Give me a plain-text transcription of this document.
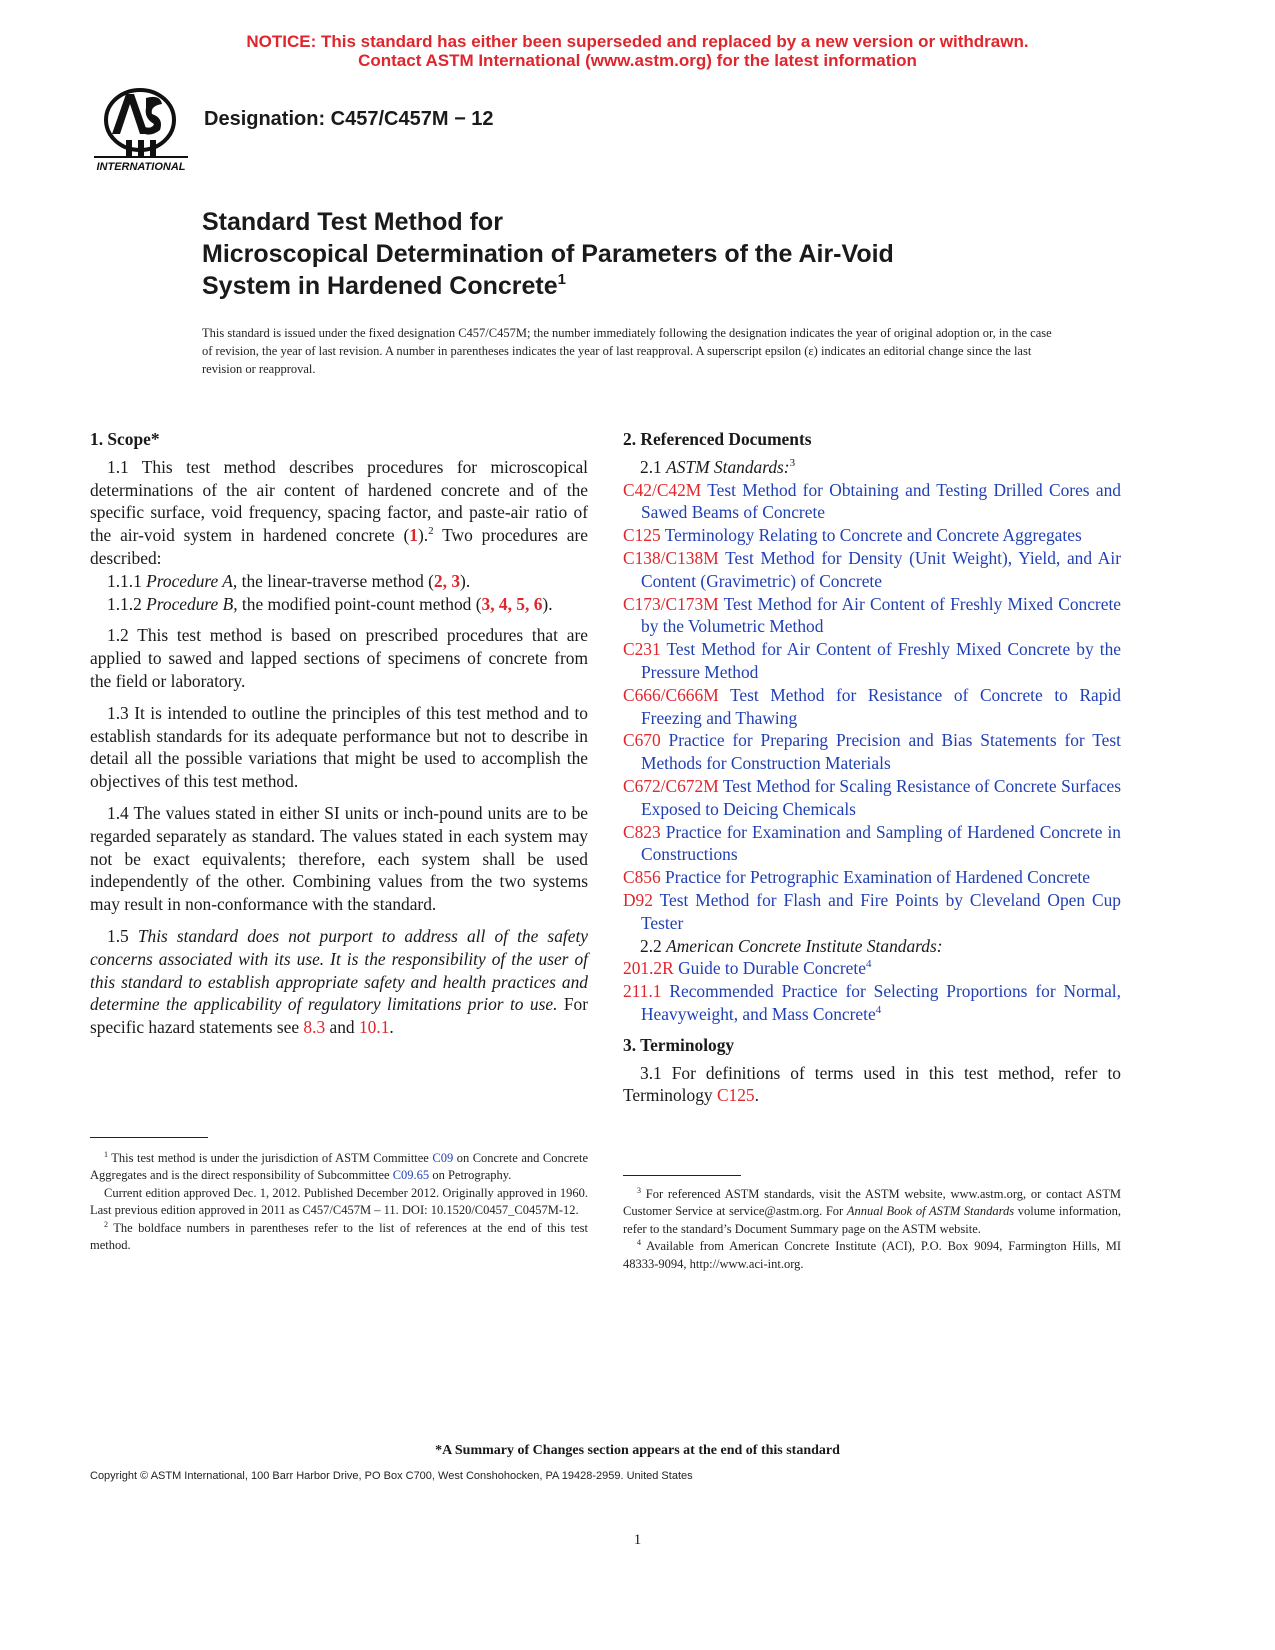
NOTICE: This standard has either been superseded and replaced by a new version or withdrawn.
Contact ASTM International (www.astm.org) for the latest information
INTERNATIONAL
Designation: C457/C457M − 12
Standard Test Method for
Microscopical Determination of Parameters of the Air-Void
System in Hardened Concrete$^1$
This standard is issued under the fixed designation C457/C457M; the number immediately following the designation indicates the year of original adoption or, in the case of revision, the year of last revision. A number in parentheses indicates the year of last reapproval. A superscript epsilon (ε) indicates an editorial change since the last revision or reapproval.
1. Scope*

1.1 This test method describes procedures for microscopical determinations of the air content of hardened concrete and of the specific surface, void frequency, spacing factor, and paste-air ratio of the air-void system in hardened concrete (1).$^2$ Two procedures are described:

1.1.1 Procedure A, the linear-traverse method (2, 3).

1.1.2 Procedure B, the modified point-count method (3, 4, 5, 6).

1.2 This test method is based on prescribed procedures that are applied to sawed and lapped sections of specimens of concrete from the field or laboratory.

1.3 It is intended to outline the principles of this test method and to establish standards for its adequate performance but not to describe in detail all the possible variations that might be used to accomplish the objectives of this test method.

1.4 The values stated in either SI units or inch-pound units are to be regarded separately as standard. The values stated in each system may not be exact equivalents; therefore, each system shall be used independently of the other. Combining values from the two systems may result in non-conformance with the standard.

1.5 This standard does not purport to address all of the safety concerns associated with its use. It is the responsibility of the user of this standard to establish appropriate safety and health practices and determine the applicability of regulatory limitations prior to use. For specific hazard statements see 8.3 and 10.1.

2. Referenced Documents

2.1 ASTM Standards:$^3$

C42/C42M Test Method for Obtaining and Testing Drilled Cores and Sawed Beams of Concrete

C125 Terminology Relating to Concrete and Concrete Aggregates

C138/C138M Test Method for Density (Unit Weight), Yield, and Air Content (Gravimetric) of Concrete

C173/C173M Test Method for Air Content of Freshly Mixed Concrete by the Volumetric Method

C231 Test Method for Air Content of Freshly Mixed Concrete by the Pressure Method

C666/C666M Test Method for Resistance of Concrete to Rapid Freezing and Thawing

C670 Practice for Preparing Precision and Bias Statements for Test Methods for Construction Materials

C672/C672M Test Method for Scaling Resistance of Concrete Surfaces Exposed to Deicing Chemicals

C823 Practice for Examination and Sampling of Hardened Concrete in Constructions

C856 Practice for Petrographic Examination of Hardened Concrete

D92 Test Method for Flash and Fire Points by Cleveland Open Cup Tester

2.2 American Concrete Institute Standards:

201.2R Guide to Durable Concrete$^4$

211.1 Recommended Practice for Selecting Proportions for Normal, Heavyweight, and Mass Concrete$^4$

3. Terminology

3.1 For definitions of terms used in this test method, refer to Terminology C125.

$^1$ This test method is under the jurisdiction of ASTM Committee C09 on Concrete and Concrete Aggregates and is the direct responsibility of Subcommittee C09.65 on Petrography.

Current edition approved Dec. 1, 2012. Published December 2012. Originally approved in 1960. Last previous edition approved in 2011 as C457/C457M – 11. DOI: 10.1520/C0457_C0457M-12.

$^2$ The boldface numbers in parentheses refer to the list of references at the end of this test method.

$^3$ For referenced ASTM standards, visit the ASTM website, www.astm.org, or contact ASTM Customer Service at service@astm.org. For Annual Book of ASTM Standards volume information, refer to the standard’s Document Summary page on the ASTM website.

$^4$ Available from American Concrete Institute (ACI), P.O. Box 9094, Farmington Hills, MI 48333-9094, http://www.aci-int.org.

*A Summary of Changes section appears at the end of this standard
Copyright © ASTM International, 100 Barr Harbor Drive, PO Box C700, West Conshohocken, PA 19428-2959. United States
1
